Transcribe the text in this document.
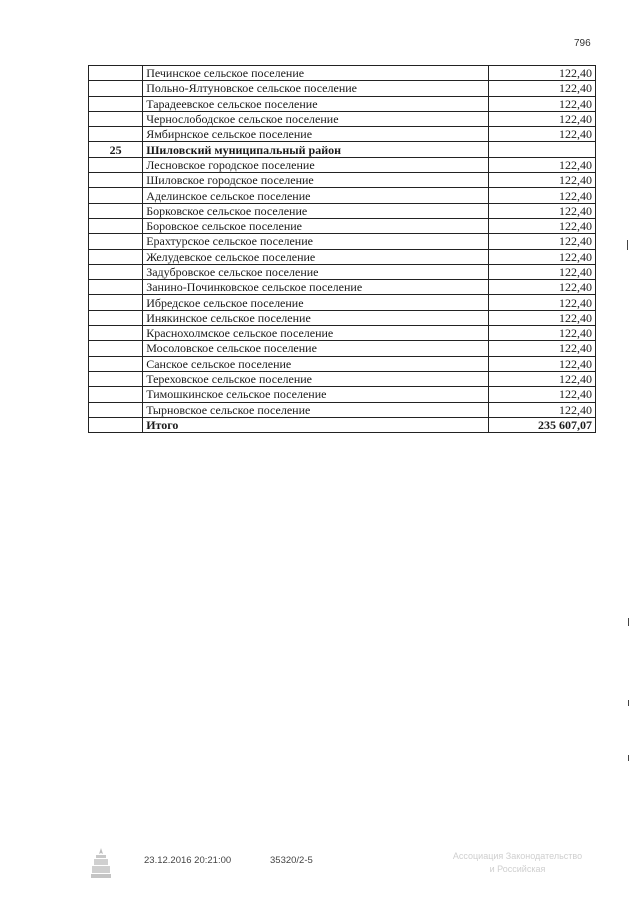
796
	Печинское сельское поселение	122,40
	Польно-Ялтуновское сельское поселение	122,40
	Тарадеевское сельское поселение	122,40
	Чернослободское сельское поселение	122,40
	Ямбирнское сельское поселение	122,40
25	Шиловский муниципальный район	
	Лесновское городское поселение	122,40
	Шиловское городское поселение	122,40
	Аделинское сельское поселение	122,40
	Борковское сельское поселение	122,40
	Боровское сельское поселение	122,40
	Ерахтурское сельское поселение	122,40
	Желудевское сельское поселение	122,40
	Задубровское сельское поселение	122,40
	Занино-Починковское сельское поселение	122,40
	Ибредское сельское поселение	122,40
	Инякинское сельское поселение	122,40
	Краснохолмское сельское поселение	122,40
	Мосоловское сельское поселение	122,40
	Санское сельское поселение	122,40
	Тереховское сельское поселение	122,40
	Тимошкинское сельское поселение	122,40
	Тырновское сельское поселение	122,40
	Итого	235 607,07
23.12.2016 20:21:00	35320/2-5	Ассоциация Законодательство
и Российская
